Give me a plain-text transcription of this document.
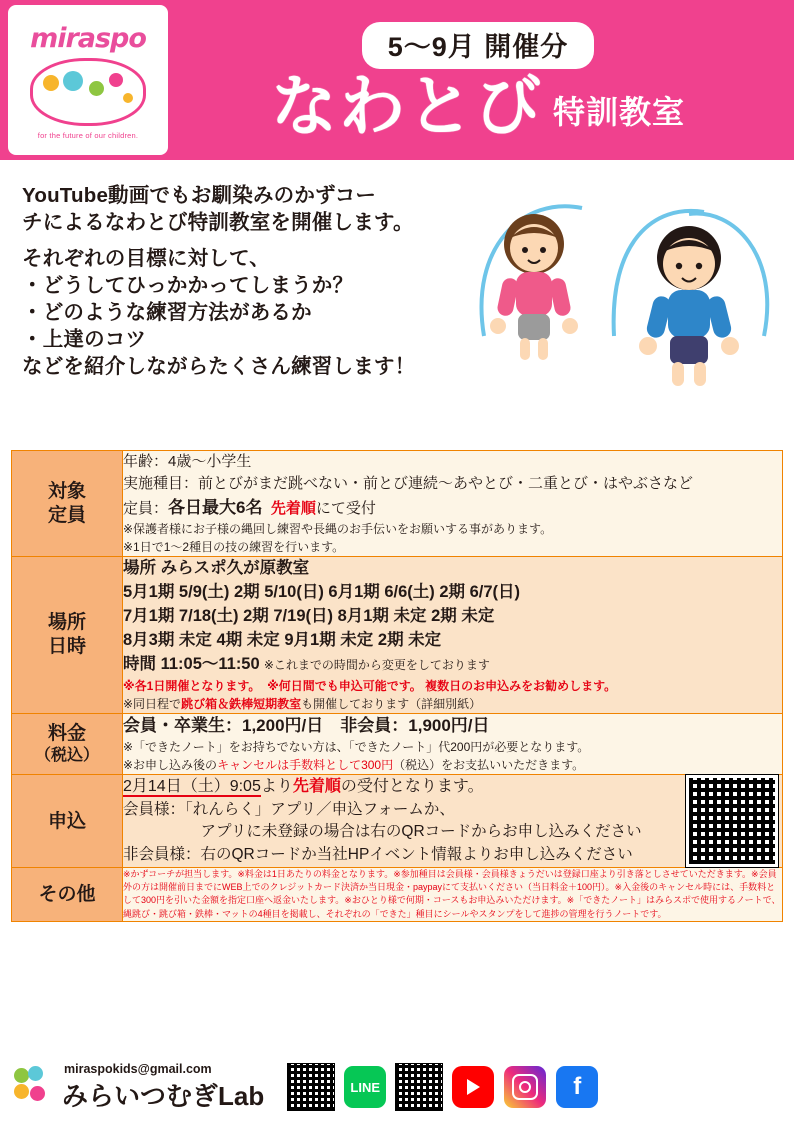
miraspo
for the future of our children.
5〜9月 開催分
なわとび 特訓教室

YouTube動画でもお馴染みのかずコー

チによるなわとび特訓教室を開催します。

それぞれの目標に対して、

・どうしてひっかかってしまうか？

・どのような練習方法があるか

・上達のコツ

などを紹介しながらたくさん練習します！

対象
定員

年齢：4歳〜小学生
実施種目：前とびがまだ跳べない・前とび連続〜あやとび・二重とび・はやぶさなど
定員：各日最大6名 先着順にて受付
※保護者様にお子様の縄回し練習や長縄のお手伝いをお願いする事があります。
※1日で1〜2種目の技の練習を行います。

場所
日時

場所 みらスポ久が原教室
5月1期 5/9(土) 2期 5/10(日) 6月1期 6/6(土) 2期 6/7(日)
7月1期 7/18(土) 2期 7/19(日) 8月1期 未定 2期 未定
8月3期 未定 4期 未定 9月1期 未定 2期 未定
時間 11:05〜11:50 ※これまでの時間から変更をしております
※各1日開催となります。 ※何日間でも申込可能です。 複数日のお申込みをお勧めします。
※同日程で跳び箱＆鉄棒短期教室も開催しております（詳細別紙）

料金
（税込）

会員・卒業生：1,200円/日　非会員：1,900円/日
※「できたノート」をお持ちでない方は、「できたノート」代200円が必要となります。
※お申し込み後のキャンセルは手数料として300円（税込）をお支払いいただきます。

申込	2月14日（土）9:05より先着順の受付となります。
会員様：「れんらく」アプリ／申込フォームか、
　　　　　アプリに未登録の場合は右のQRコードからお申し込みください
非会員様：右のQRコードか当社HPイベント情報よりお申し込みください

その他	※かずコーチが担当します。※料金は1日あたりの料金となります。※参加種目は会員様・会員様きょうだいは登録口座より引き落としさせていただきます。※会員外の方は開催前日までにWEB上でのクレジットカード決済か当日現金・paypayにて支払いください（当日料金＋100円）。※入金後のキャンセル時には、手数料として300円を引いた金額を指定口座へ返金いたします。※おひとり様で何期・コースもお申込みいただけます。※「できたノート」はみらスポで使用するノートで、縄跳び・跳び箱・鉄棒・マットの4種目を掲載し、それぞれの「できた」種目にシールやスタンプをして進捗の管理を行うノートです。
miraspokids@gmail.com
みらいつむぎLab	LINE	f
